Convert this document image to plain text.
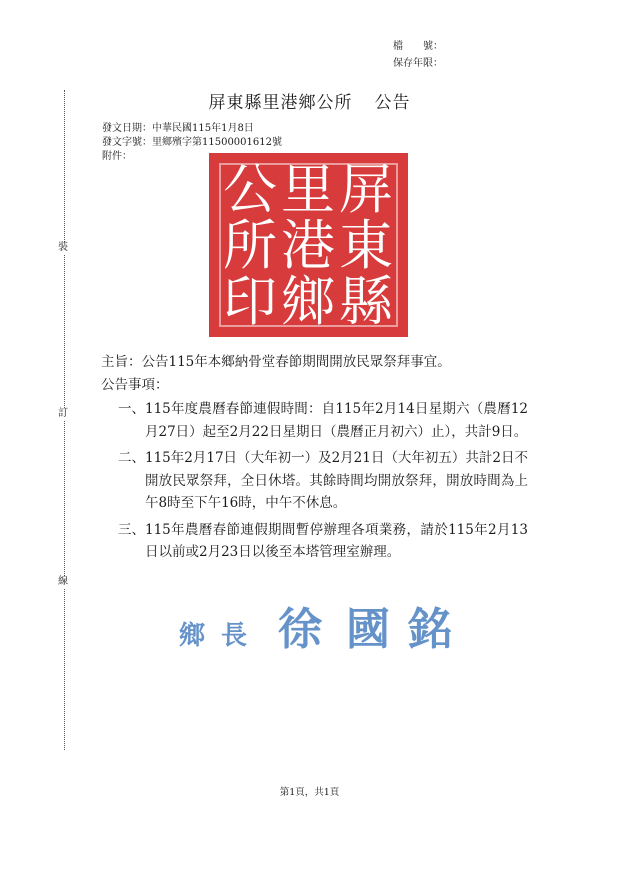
檔　　號：
保存年限：
裝
訂
線
屏東縣里港鄉公所 公告
發文日期：中華民國115年1月8日
發文字號：里鄉殯字第11500001612號
附件：
屏
東
縣
里
港
鄉
公
所
印
主旨：公告115年本鄉納骨堂春節期間開放民眾祭拜事宜。
公告事項：
一、 115年度農曆春節連假時間：自115年2月14日星期六（農曆12月27日）起至2月22日星期日（農曆正月初六）止），共計9日。
二、 115年2月17日（大年初一）及2月21日（大年初五）共計2日不開放民眾祭拜，全日休塔。其餘時間均開放祭拜，開放時間為上午8時至下午16時，中午不休息。
三、 115年農曆春節連假期間暫停辦理各項業務，請於115年2月13日以前或2月23日以後至本塔管理室辦理。
鄉 長 徐 國 銘
第1頁，共1頁
